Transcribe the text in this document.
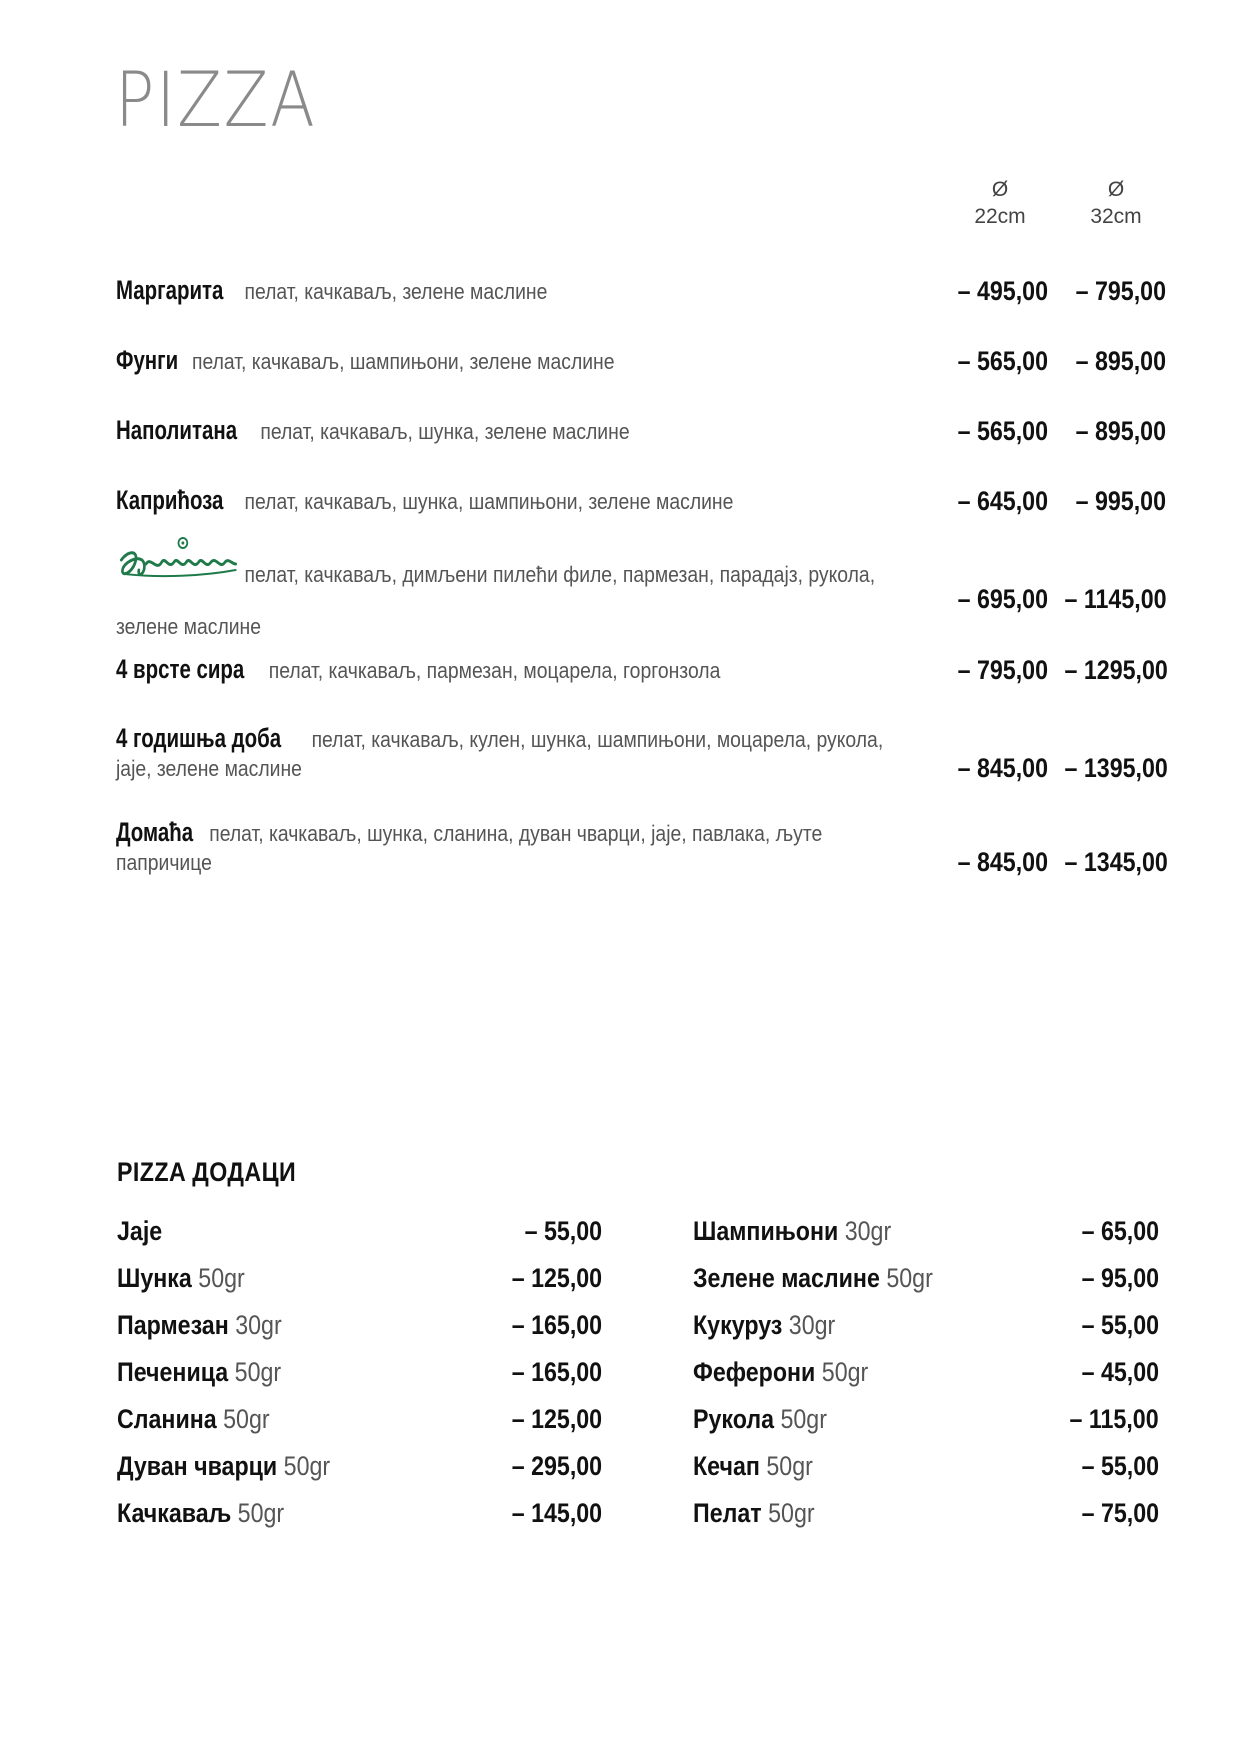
PIZZA
Ø
22cm
Ø
32cm
Маргарита пелат, качкаваљ, зелене маслине	– 495,00	– 795,00
Фунги пелат, качкаваљ, шампињони, зелене маслине	– 565,00	– 895,00
Наполитана пелат, качкаваљ, шунка, зелене маслине	– 565,00	– 895,00
Каприћоза пелат, качкаваљ, шунка, шампињони, зелене маслине	– 645,00	– 995,00
пелат, качкаваљ, димљени пилећи филе, пармезан, парадајз, рукола, зелене маслине
– 695,00 – 1145,00
4 врсте сира пелат, качкаваљ, пармезан, моцарела, горгонзола	– 795,00 – 1295,00
4 годишња доба пелат, качкаваљ, кулен, шунка, шампињони, моцарела, рукола, јаје, зелене маслине	– 845,00 – 1395,00
Домаћа пелат, качкаваљ, шунка, сланина, дуван чварци, јаје, павлака, љуте папричице	– 845,00 – 1345,00
PIZZA ДОДАЦИ
Јаје	– 55,00
Шунка 50gr	– 125,00
Пармезан 30gr	– 165,00
Печеница 50gr	– 165,00
Сланина 50gr	– 125,00
Дуван чварци 50gr	– 295,00
Качкаваљ 50gr	– 145,00
Шампињони 30gr	– 65,00
Зелене маслине 50gr	– 95,00
Кукуруз 30gr	– 55,00
Феферони 50gr	– 45,00
Рукола 50gr	– 115,00
Кечап 50gr	– 55,00
Пелат 50gr	– 75,00
